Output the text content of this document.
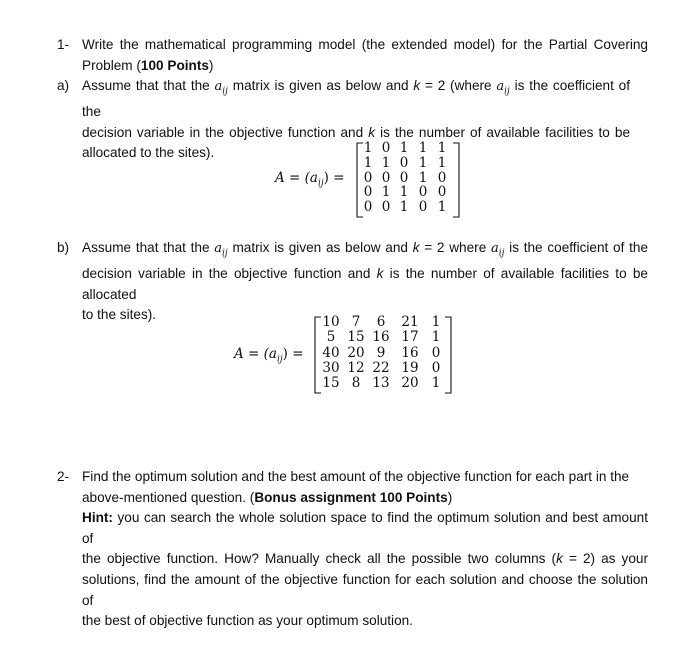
1- Write the mathematical programming model (the extended model) for the Partial Covering
Problem (100 Points)
a) Assume that that the $a_{ij}$ matrix is given as below and k = 2 (where $a_{ij}$ is the coefficient of the
decision variable in the objective function and k is the number of available facilities to be
allocated to the sites).
$A = (a_{ij})$ =
1 0 1 1 1
1 1 0 1 1
0 0 0 1 0
0 1 1 0 0
0 0 1 0 1
b) Assume that that the $a_{ij}$ matrix is given as below and k = 2 where $a_{ij}$ is the coefficient of the
decision variable in the objective function and k is the number of available facilities to be allocated
to the sites).
$A = (a_{ij})$ =
10 7	6	21 1
5 15 16 17 1
40 20 9	16 0
30 12 22 19 0
15 8 13 20 1
2- Find the optimum solution and the best amount of the objective function for each part in the
above-mentioned question. (Bonus assignment 100 Points)
Hint: you can search the whole solution space to find the optimum solution and best amount of
the objective function. How? Manually check all the possible two columns (k = 2) as your
solutions, find the amount of the objective function for each solution and choose the solution of
the best of objective function as your optimum solution.
